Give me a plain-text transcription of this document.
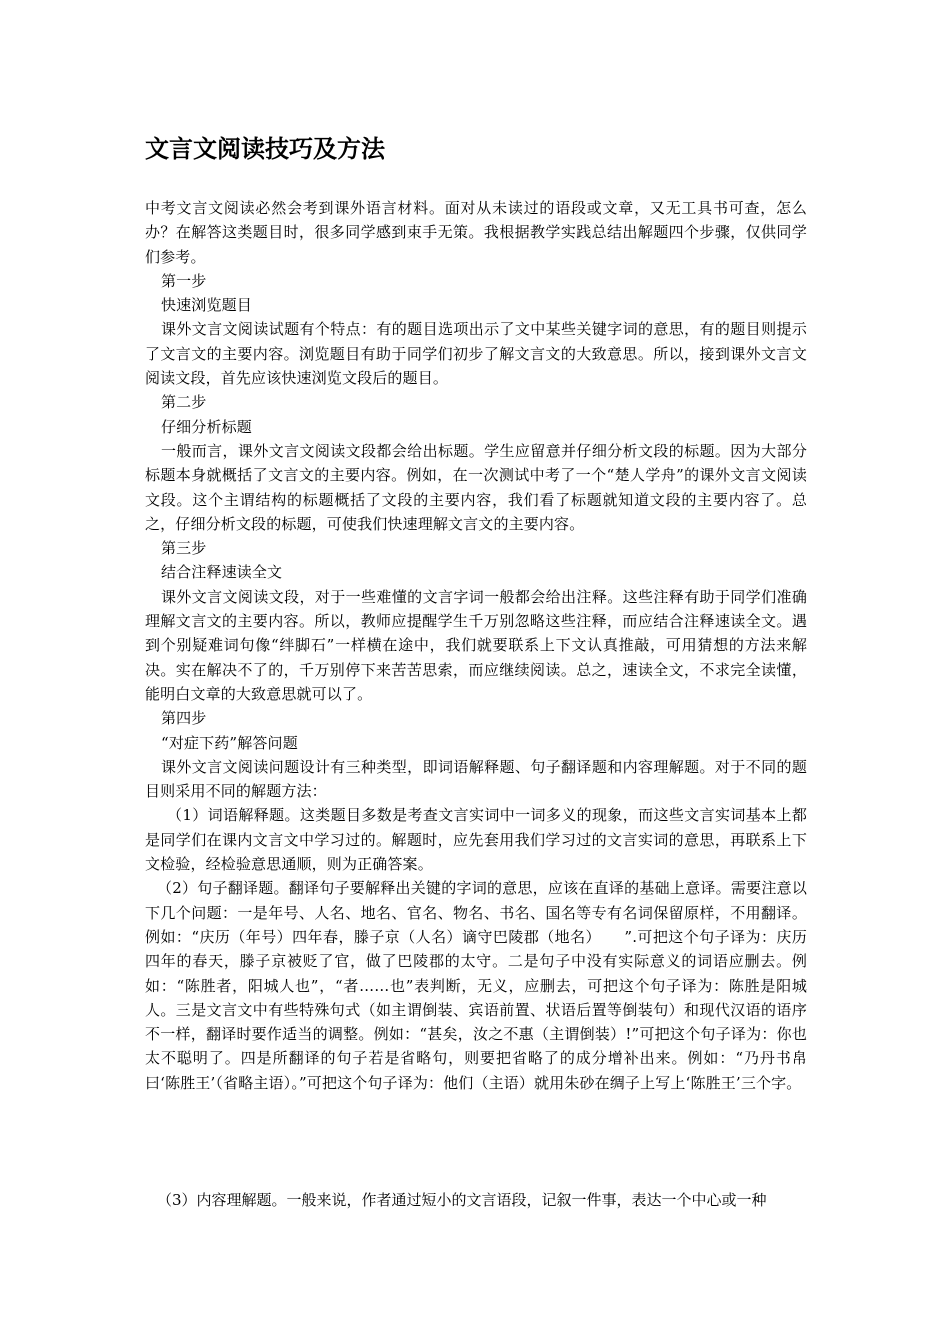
文言文阅读技巧及方法

中考文言文阅读必然会考到课外语言材料。面对从未读过的语段或文章，又无工具书可查，怎么办？在解答这类题目时，很多同学感到束手无策。我根据教学实践总结出解题四个步骤，仅供同学们参考。

第一步

快速浏览题目

课外文言文阅读试题有个特点：有的题目选项出示了文中某些关键字词的意思，有的题目则提示了文言文的主要内容。浏览题目有助于同学们初步了解文言文的大致意思。所以，接到课外文言文阅读文段，首先应该快速浏览文段后的题目。

第二步

仔细分析标题

一般而言，课外文言文阅读文段都会给出标题。学生应留意并仔细分析文段的标题。因为大部分标题本身就概括了文言文的主要内容。例如，在一次测试中考了一个“楚人学舟”的课外文言文阅读文段。这个主谓结构的标题概括了文段的主要内容，我们看了标题就知道文段的主要内容了。总之，仔细分析文段的标题，可使我们快速理解文言文的主要内容。

第三步

结合注释速读全文

课外文言文阅读文段，对于一些难懂的文言字词一般都会给出注释。这些注释有助于同学们准确理解文言文的主要内容。所以，教师应提醒学生千万别忽略这些注释，而应结合注释速读全文。遇到个别疑难词句像“绊脚石”一样横在途中，我们就要联系上下文认真推敲，可用猜想的方法来解决。实在解决不了的，千万别停下来苦苦思索，而应继续阅读。总之，速读全文，不求完全读懂，能明白文章的大致意思就可以了。

第四步

“对症下药”解答问题

课外文言文阅读问题设计有三种类型，即词语解释题、句子翻译题和内容理解题。对于不同的题目则采用不同的解题方法：

（1）词语解释题。这类题目多数是考查文言实词中一词多义的现象，而这些文言实词基本上都是同学们在课内文言文中学习过的。解题时，应先套用我们学习过的文言实词的意思，再联系上下文检验，经检验意思通顺，则为正确答案。

（2）句子翻译题。翻译句子要解释出关键的字词的意思，应该在直译的基础上意译。需要注意以下几个问题：一是年号、人名、地名、官名、物名、书名、国名等专有名词保留原样，不用翻译。例如：“庆历（年号）四年春，滕子京（人名）谪守巴陵郡（地名）　　”.可把这个句子译为：庆历四年的春天，滕子京被贬了官，做了巴陵郡的太守。二是句子中没有实际意义的词语应删去。例如：“陈胜者，阳城人也”，“者……也”表判断，无义，应删去，可把这个句子译为：陈胜是阳城人。三是文言文中有些特殊句式（如主谓倒装、宾语前置、状语后置等倒装句）和现代汉语的语序不一样，翻译时要作适当的调整。例如：“甚矣，汝之不惠（主谓倒装）!”可把这个句子译为：你也太不聪明了。四是所翻译的句子若是省略句，则要把省略了的成分增补出来。例如：“乃丹书帛曰‘陈胜王’（省略主语）。”可把这个句子译为：他们（主语）就用朱砂在绸子上写上‘陈胜王’三个字。

（3）内容理解题。一般来说，作者通过短小的文言语段，记叙一件事，表达一个中心或一种
